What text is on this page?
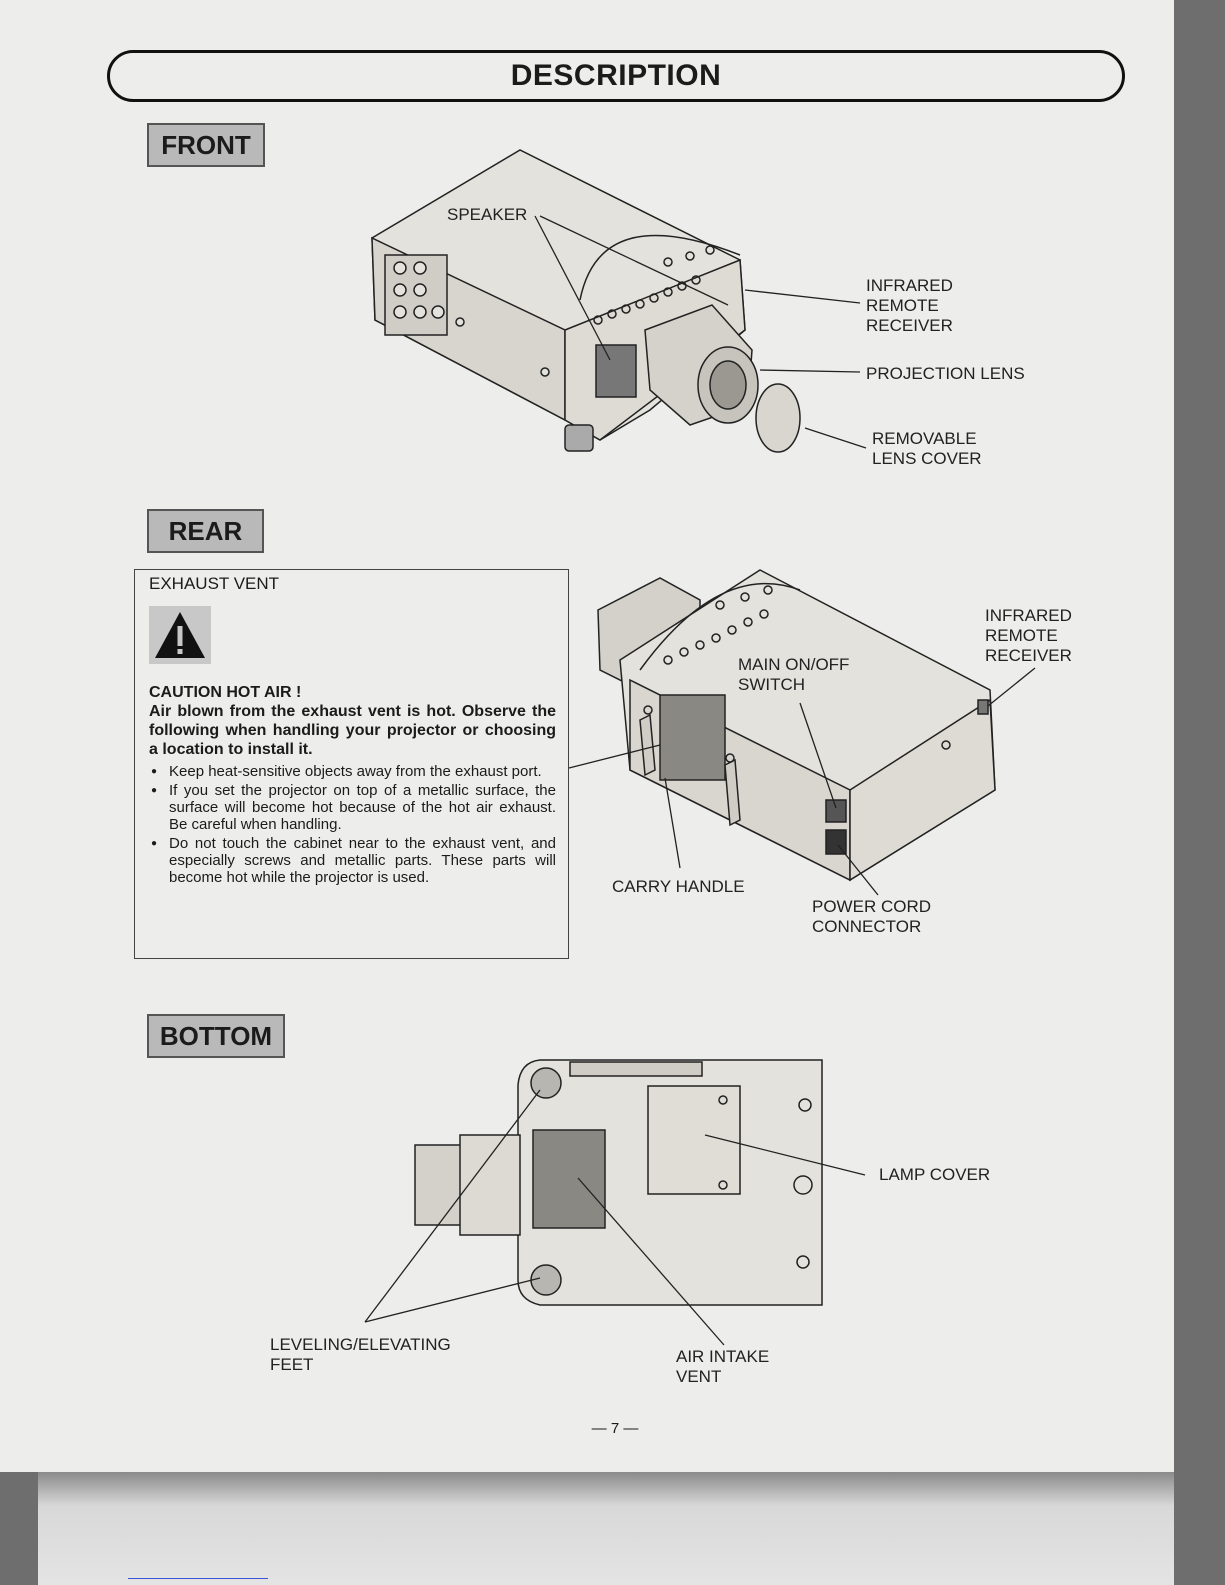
DESCRIPTION
FRONT
SPEAKER
INFRARED
REMOTE
RECEIVER
PROJECTION LENS
REMOVABLE
LENS COVER
REAR
EXHAUST VENT
CAUTION HOT AIR !
Air blown from the exhaust vent is hot. Observe the following when handling your projector or choosing a location to install it.
● Keep heat-sensitive objects away from the exhaust port.
● If you set the projector on top of a metallic surface, the surface will become hot because of the hot air exhaust. Be careful when handling.
● Do not touch the cabinet near to the exhaust vent, and especially screws and metallic parts. These parts will become hot while the projector is used.
INFRARED
REMOTE
RECEIVER
MAIN ON/OFF
SWITCH
CARRY HANDLE
POWER CORD
CONNECTOR
BOTTOM
LAMP COVER
LEVELING/ELEVATING
FEET	AIR INTAKE
VENT
— 7 —
